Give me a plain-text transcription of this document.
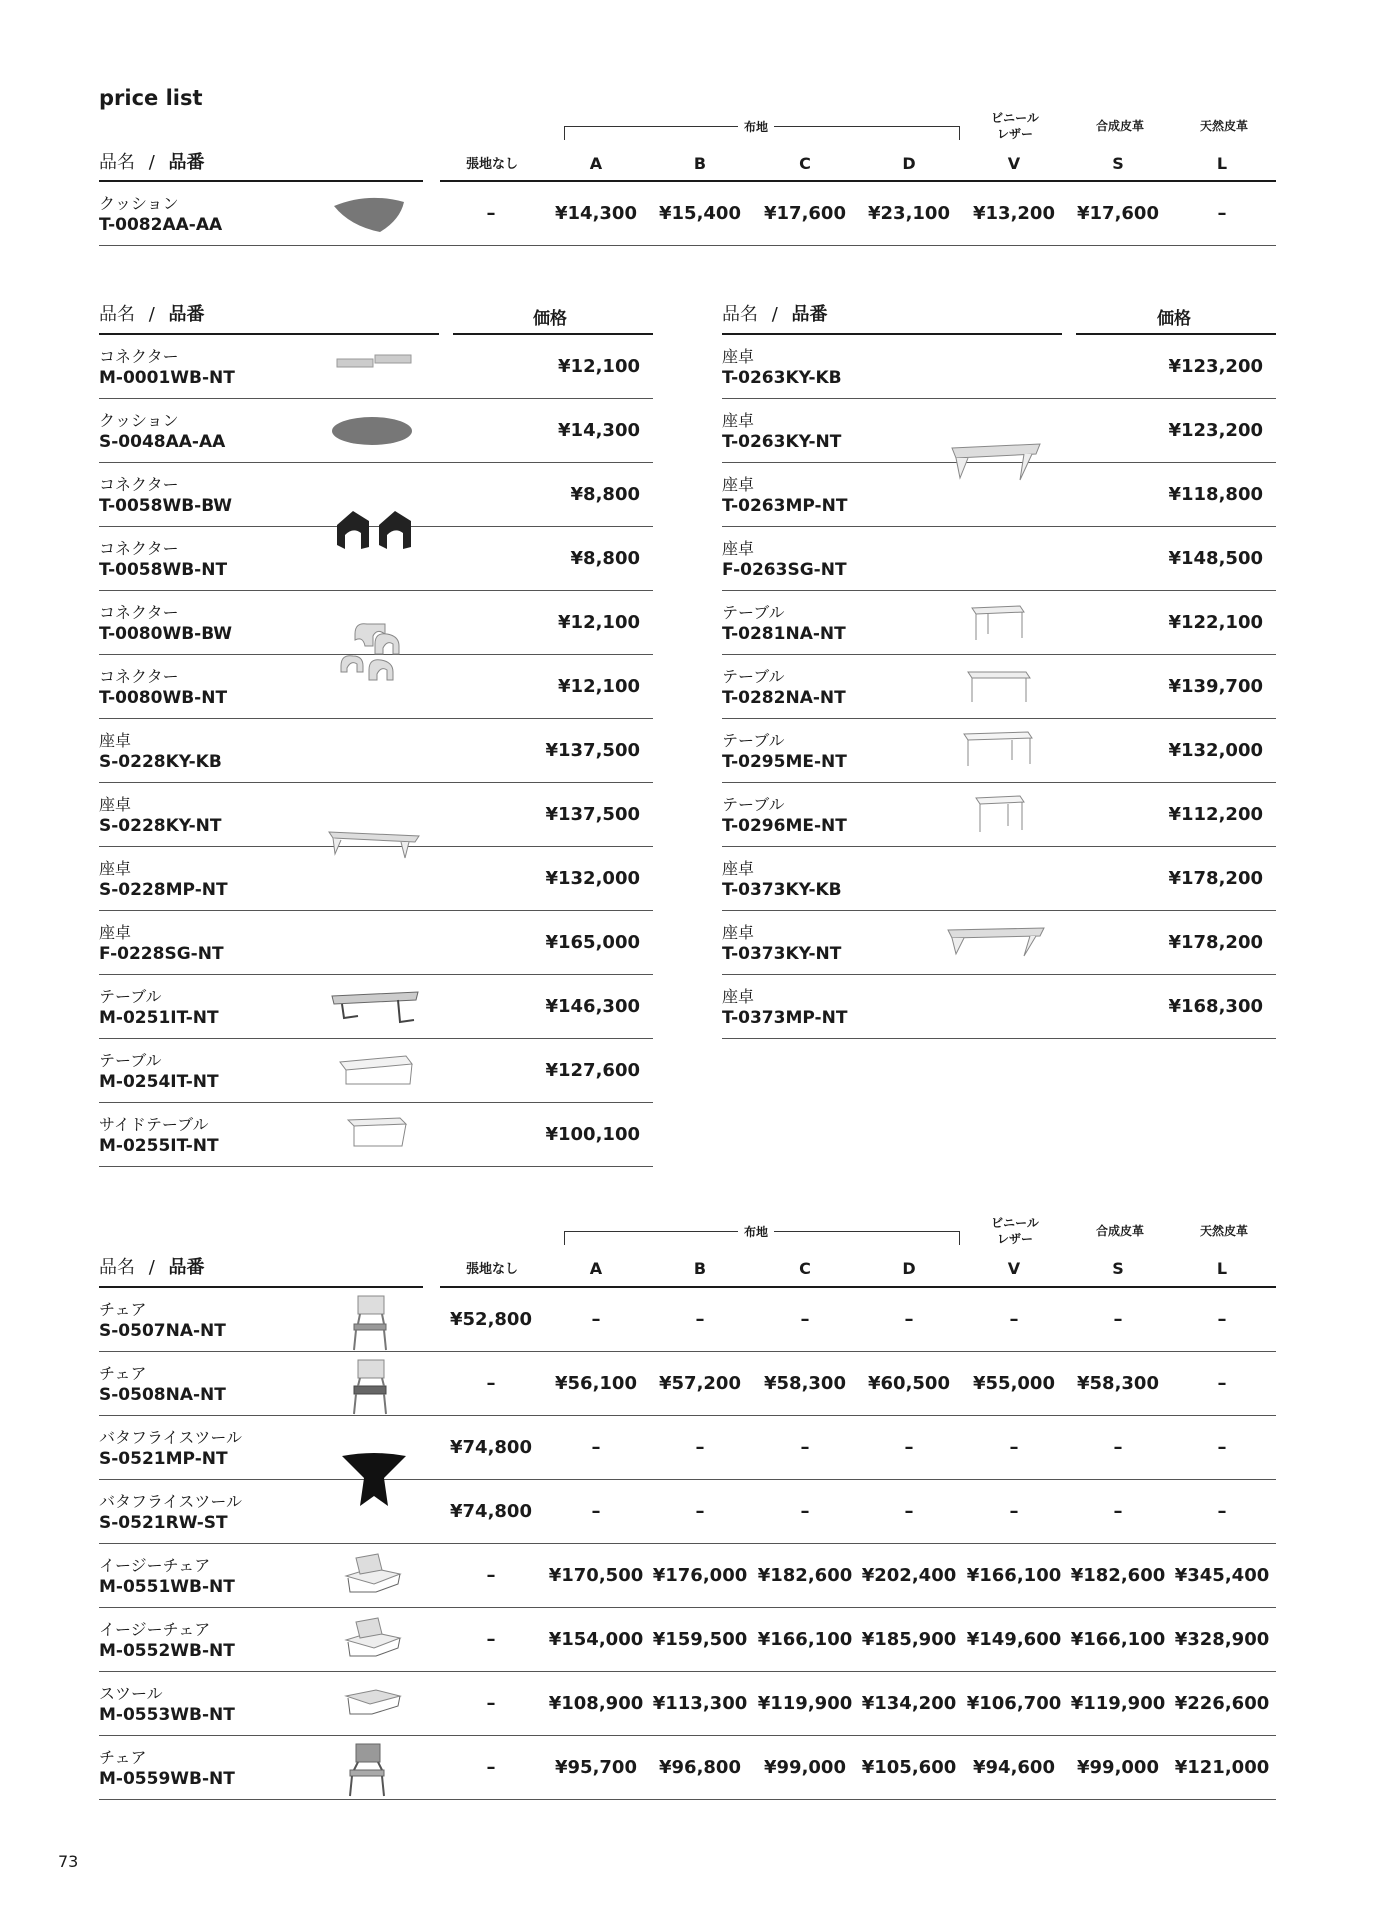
price list
品名 / 品番
布地
ビニール
レザー
合成皮革	天然皮革
張地なし	A	B	C	D	V	S	L
クッション
T-0082AA-AA
–	¥14,300	¥15,400	¥17,600	¥23,100	¥13,200	¥17,600	–
品名 / 品番	価格
コネクター
M-0001WB-NT
¥12,100
クッション
S-0048AA-AA
¥14,300
コネクター
T-0058WB-BW
¥8,800
コネクター
T-0058WB-NT
¥8,800
コネクター
T-0080WB-BW
¥12,100
コネクター
T-0080WB-NT
¥12,100
座卓
S-0228KY-KB
¥137,500
座卓
S-0228KY-NT
¥137,500
座卓
S-0228MP-NT
¥132,000
座卓
F-0228SG-NT
¥165,000
テーブル
M-0251IT-NT
¥146,300
テーブル
M-0254IT-NT
¥127,600
サイドテーブル
M-0255IT-NT
¥100,100
品名 / 品番	価格
座卓
T-0263KY-KB
¥123,200
座卓
T-0263KY-NT
¥123,200
座卓
T-0263MP-NT
¥118,800
座卓
F-0263SG-NT
¥148,500
テーブル
T-0281NA-NT
¥122,100
テーブル
T-0282NA-NT
¥139,700
テーブル
T-0295ME-NT
¥132,000
テーブル
T-0296ME-NT
¥112,200
座卓
T-0373KY-KB
¥178,200
座卓
T-0373KY-NT
¥178,200
座卓
T-0373MP-NT
¥168,300
品名 / 品番
布地
ビニール
レザー
合成皮革	天然皮革
張地なし	A	B	C	D	V	S	L
チェア
S-0507NA-NT
¥52,800	–	–	–	–	–	–	–
チェア
S-0508NA-NT
–	¥56,100	¥57,200	¥58,300	¥60,500	¥55,000	¥58,300	–
バタフライスツール
S-0521MP-NT
¥74,800	–	–	–	–	–	–	–
バタフライスツール
S-0521RW-ST
¥74,800	–	–	–	–	–	–	–
イージーチェア
M-0551WB-NT
–	¥170,500 ¥176,000 ¥182,600 ¥202,400 ¥166,100 ¥182,600 ¥345,400
イージーチェア
M-0552WB-NT
–	¥154,000 ¥159,500 ¥166,100 ¥185,900 ¥149,600 ¥166,100 ¥328,900
スツール
M-0553WB-NT
–	¥108,900 ¥113,300 ¥119,900 ¥134,200 ¥106,700 ¥119,900 ¥226,600
チェア
M-0559WB-NT
–	¥95,700	¥96,800	¥99,000 ¥105,600 ¥94,600	¥99,000 ¥121,000
73
